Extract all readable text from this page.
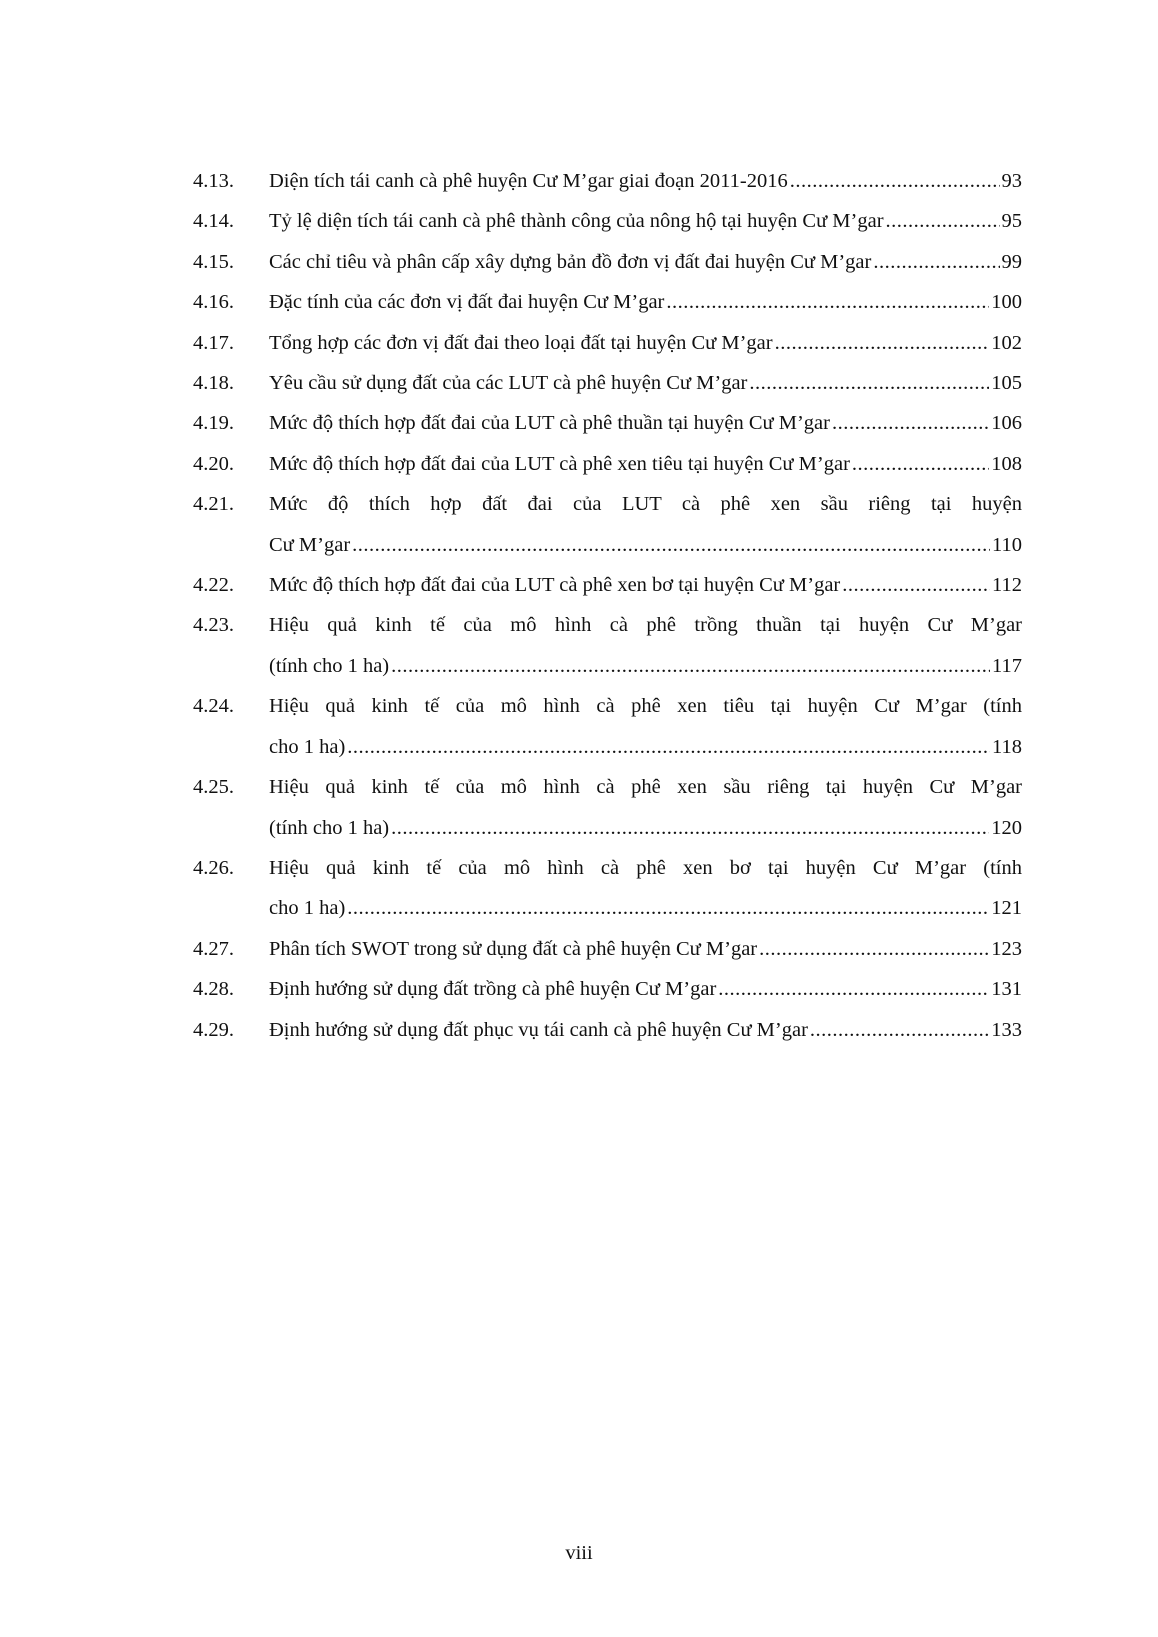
4.13.	Diện tích tái canh cà phê huyện Cư M’gar giai đoạn 2011-2016 .....	93
4.14.	Tỷ lệ diện tích tái canh cà phê thành công của nông hộ tại huyện Cư M’gar .....	95
4.15.	Các chỉ tiêu và phân cấp xây dựng bản đồ đơn vị đất đai huyện Cư M’gar .....	99
4.16.	Đặc tính của các đơn vị đất đai huyện Cư M’gar .....	100
4.17.	Tổng hợp các đơn vị đất đai theo loại đất tại huyện Cư M’gar .....	102
4.18.	Yêu cầu sử dụng đất của các LUT cà phê huyện Cư M’gar .....	105
4.19.	Mức độ thích hợp đất đai của LUT cà phê thuần tại huyện Cư M’gar .....	106
4.20.	Mức độ thích hợp đất đai của LUT cà phê xen tiêu tại huyện Cư M’gar .....	108
4.21.	Mức độ thích hợp đất đai của LUT cà phê xen sầu riêng tại huyện
Cư M’gar .....	110
4.22.	Mức độ thích hợp đất đai của LUT cà phê xen bơ tại huyện Cư M’gar .....	112
4.23.	Hiệu quả kinh tế của mô hình cà phê trồng thuần tại huyện Cư M’gar
(tính cho 1 ha) .....	117
4.24.	Hiệu quả kinh tế của mô hình cà phê xen tiêu tại huyện Cư M’gar (tính
cho 1 ha) .....	118
4.25.	Hiệu quả kinh tế của mô hình cà phê xen sầu riêng tại huyện Cư M’gar
(tính cho 1 ha) .....	120
4.26.	Hiệu quả kinh tế của mô hình cà phê xen bơ tại huyện Cư M’gar (tính
cho 1 ha) .....	121
4.27.	Phân tích SWOT trong sử dụng đất cà phê huyện Cư M’gar .....	123
4.28.	Định hướng sử dụng đất trồng cà phê huyện Cư M’gar .....	131
4.29.	Định hướng sử dụng đất phục vụ tái canh cà phê huyện Cư M’gar .....	133
viii
